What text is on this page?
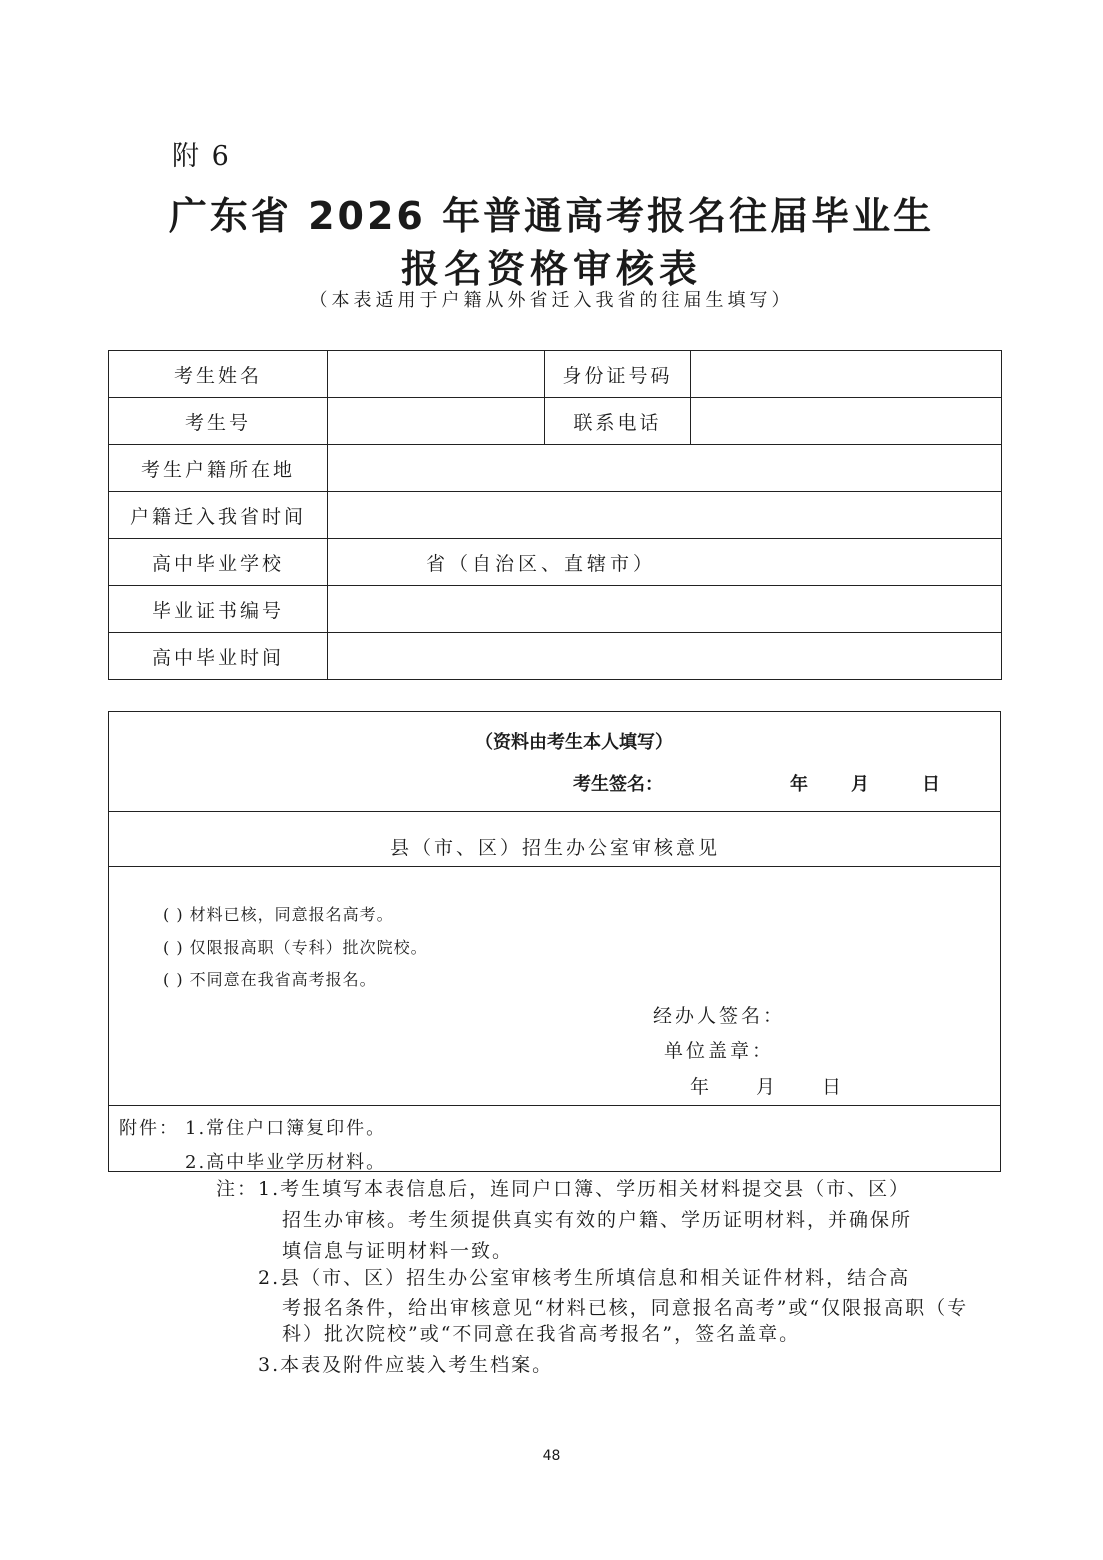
附 6
广东省 2026 年普通高考报名往届毕业生
报名资格审核表
（本表适用于户籍从外省迁入我省的往届生填写）
考生姓名		身份证号码	
考生号		联系电话	
考生户籍所在地			
户籍迁入我省时间			
高中毕业学校	省（自治区、直辖市）		
毕业证书编号			
高中毕业时间			
（资料由考生本人填写）
考生签名：	年 月	日
县（市、区）招生办公室审核意见
( ) 材料已核，同意报名高考。
( ) 仅限报高职（专科）批次院校。
( ) 不同意在我省高考报名。
经办人签名：
单位盖章：
年　　月　　日
附件： 1.常住户口簿复印件。
2.高中毕业学历材料。
注： 1.考生填写本表信息后，连同户口簿、学历相关材料提交县（市、区）
招生办审核。考生须提供真实有效的户籍、学历证明材料，并确保所
填信息与证明材料一致。
2.县（市、区）招生办公室审核考生所填信息和相关证件材料，结合高
考报名条件，给出审核意见“材料已核，同意报名高考”或“仅限报高职（专
科）批次院校”或“不同意在我省高考报名”，签名盖章。
3.本表及附件应装入考生档案。
48
